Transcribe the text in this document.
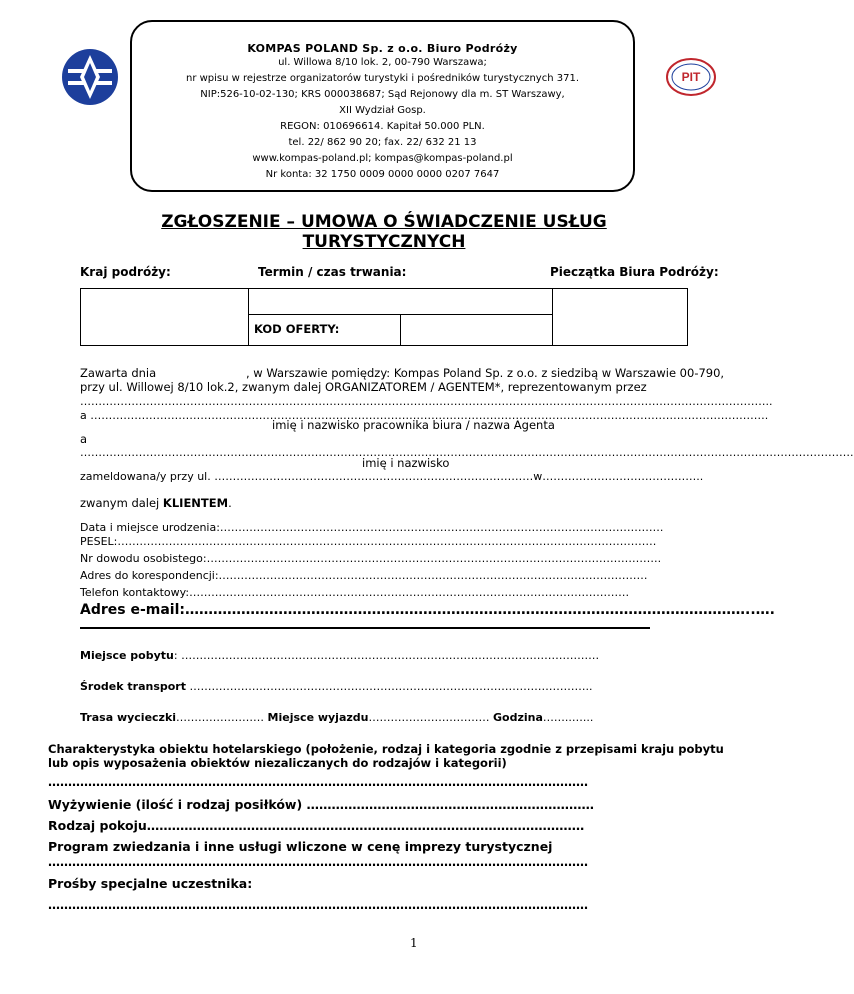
PIT
KOMPAS POLAND Sp. z o.o. Biuro Podróży
ul. Willowa 8/10 lok. 2, 00-790 Warszawa;
nr wpisu w rejestrze organizatorów turystyki i pośredników turystycznych 371.
NIP:526-10-02-130; KRS 000038687; Sąd Rejonowy dla m. ST Warszawy,
XII Wydział Gosp.
REGON: 010696614. Kapitał 50.000 PLN.
tel. 22/ 862 90 20; fax. 22/ 632 21 13
www.kompas-poland.pl; kompas@kompas-poland.pl
Nr konta: 32 1750 0009 0000 0000 0207 7647
ZGŁOSZENIE – UMOWA O ŚWIADCZENIE USŁUG
TURYSTYCZNYCH
Kraj podróży:	Termin / czas trwania:	Pieczątka Biura Podróży:
KOD OFERTY:
Zawarta dnia	, w Warszawie pomiędzy: Kompas Poland Sp. z o.o. z siedzibą w Warszawie 00-790,
przy ul. Willowej 8/10 lok.2, zwanym dalej ORGANIZATOREM / AGENTEM*, reprezentowanym przez
…………………………………………………………………………………….………………………………………………………………………………..
a ……………………………………….………………………………………………………………………………………………………………………….
imię i nazwisko pracownika biura / nazwa Agenta
a
………………………………………………………………………………………………………………………………………………………………………………………….
imię i nazwisko
zameldowana/y przy ul. ……………………………………………………………………………w……………………………………..
zwanym dalej KLIENTEM.
Data i miejsce urodzenia:………………………………………………………………………………………………………….
PESEL:…………………………………………………………………………………………………………………………………
Nr dowodu osobistego:…………………………………………………………………………………………………………….
Adres do korespondencji:………………………………………………………………………………………………………
Telefon kontaktowy:…………………………………………………………………………………………………………
Adres e-mail:…………………………………………………………………………………………………………..….
Miejsce pobytu: ……………………………………………………………………………………………………
Środek transport ………………………………………………………………………………………………..
Trasa wycieczki…………………… Miejsce wyjazdu…………………………… Godzina……..…...
Charakterystyka obiektu hotelarskiego (położenie, rodzaj i kategoria zgodnie z przepisami kraju pobytu
lub opis wyposażenia obiektów niezaliczanych do rodzajów i kategorii)
………………………………………………………………………………………………………………………
Wyżywienie (ilość i rodzaj posiłków) ……………………………………………………………
Rodzaj pokoju……………………………………………………………………………………………
Program zwiedzania i inne usługi wliczone w cenę imprezy turystycznej
………………………………………………………………………………………………………………………
Prośby specjalne uczestnika:
………………………………………………………………………………………………………………………
1
